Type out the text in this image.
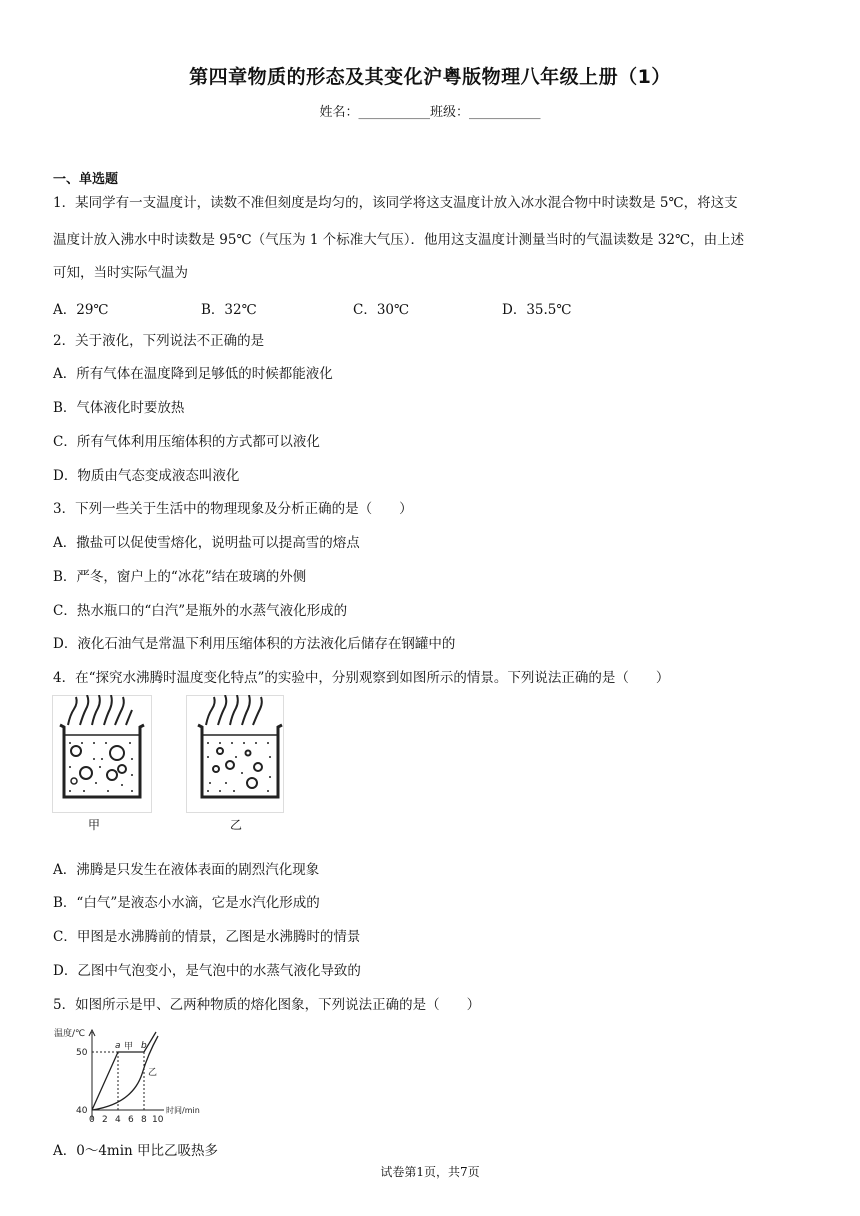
第四章物质的形态及其变化沪粤版物理八年级上册（1）
姓名：___________班级：___________
一、单选题
1．某同学有一支温度计，读数不准但刻度是均匀的，该同学将这支温度计放入冰水混合物中时读数是 5℃，将这支
温度计放入沸水中时读数是 95℃（气压为 1 个标准大气压）．他用这支温度计测量当时的气温读数是 32℃，由上述
可知，当时实际气温为
A．29℃	B．32℃	C．30℃	D．35.5℃
2．关于液化，下列说法不正确的是
A．所有气体在温度降到足够低的时候都能液化
B．气体液化时要放热
C．所有气体利用压缩体积的方式都可以液化
D．物质由气态变成液态叫液化
3．下列一些关于生活中的物理现象及分析正确的是（　　）
A．撒盐可以促使雪熔化，说明盐可以提高雪的熔点
B．严冬，窗户上的“冰花”结在玻璃的外侧
C．热水瓶口的“白汽”是瓶外的水蒸气液化形成的
D．液化石油气是常温下利用压缩体积的方法液化后储存在钢罐中的
4．在“探究水沸腾时温度变化特点”的实验中，分别观察到如图所示的情景。下列说法正确的是（　　）
甲	乙
A．沸腾是只发生在液体表面的剧烈汽化现象
B．“白气”是液态小水滴，它是水汽化形成的
C．甲图是水沸腾前的情景，乙图是水沸腾时的情景
D．乙图中气泡变小，是气泡中的水蒸气液化导致的
5．如图所示是甲、乙两种物质的熔化图象，下列说法正确的是（　　）
温度/℃
时间/min
50
40
0 2 4 6 8 10
a b
甲
乙
A．0～4min 甲比乙吸热多
试卷第1页，共7页
